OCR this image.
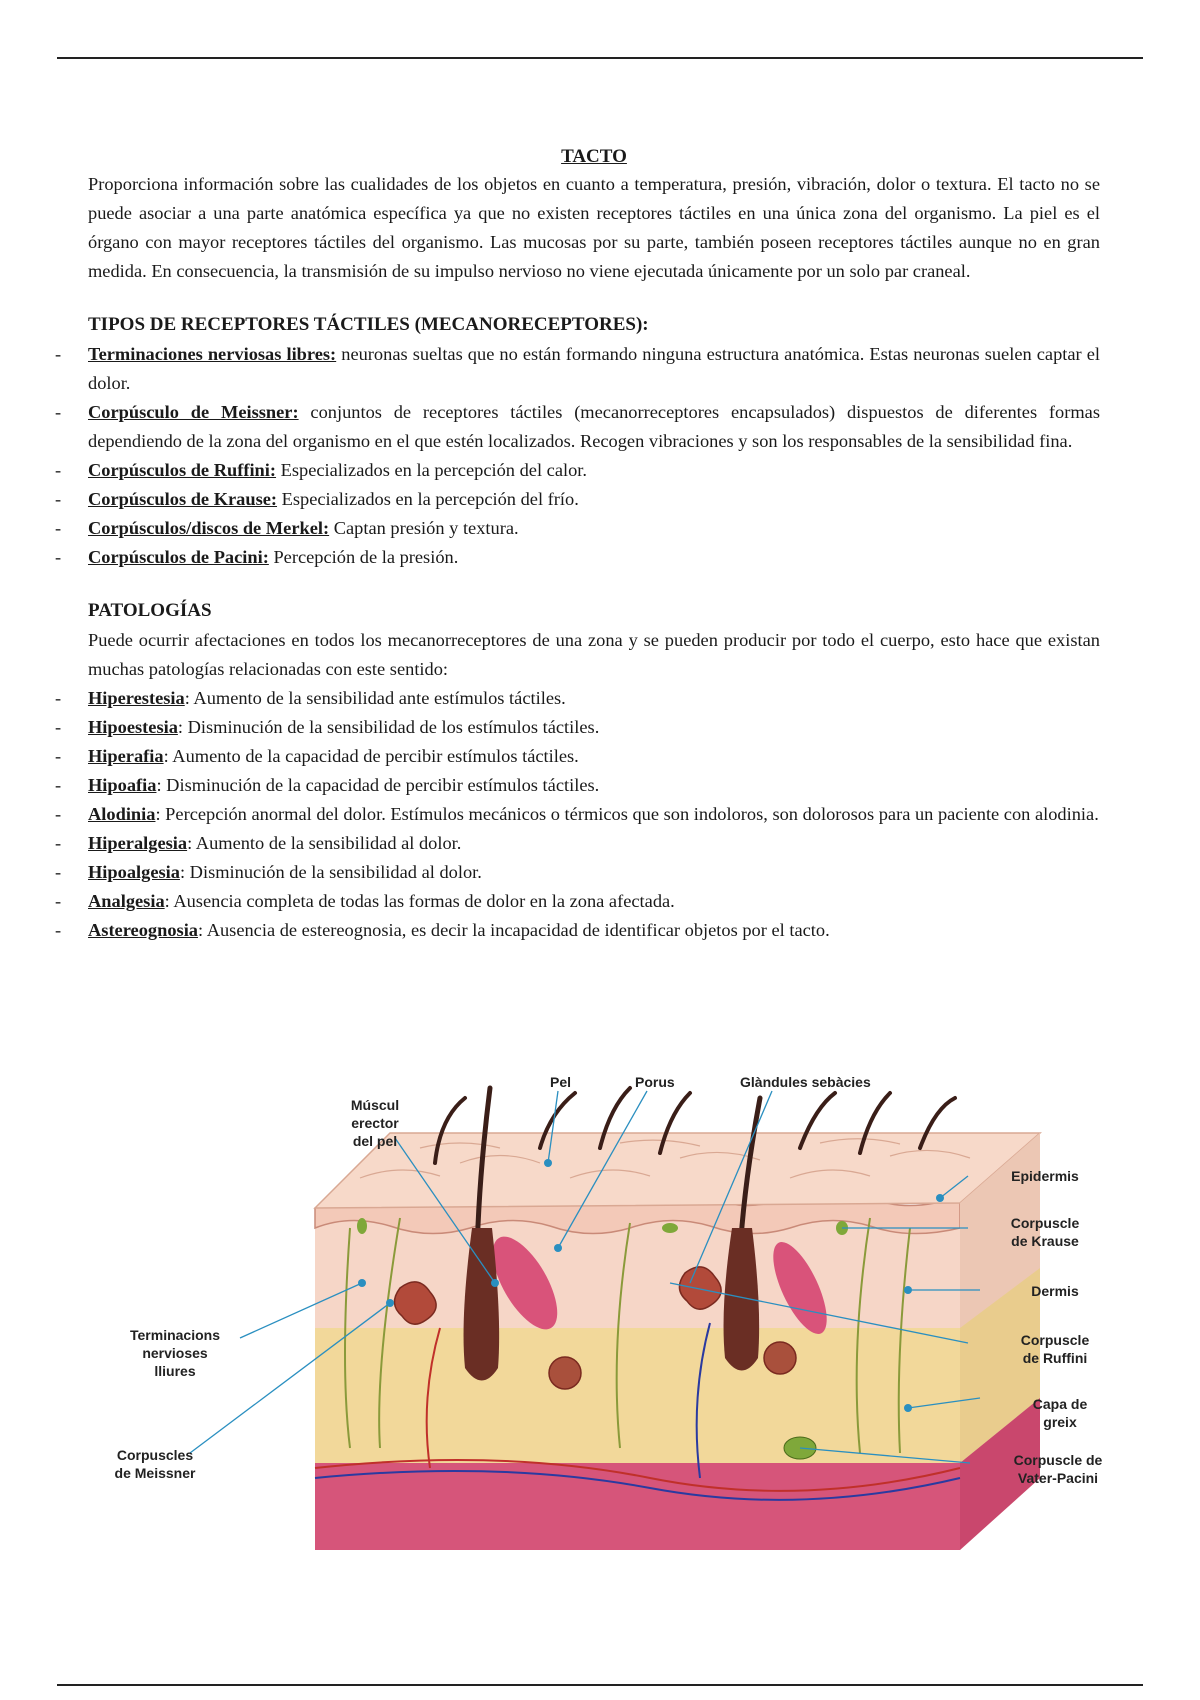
TACTO

Proporciona información sobre las cualidades de los objetos en cuanto a temperatura, presión, vibración, dolor o textura. El tacto no se puede asociar a una parte anatómica específica ya que no existen receptores táctiles en una única zona del organismo. La piel es el órgano con mayor receptores táctiles del organismo. Las mucosas por su parte, también poseen receptores táctiles aunque no en gran medida. En consecuencia, la transmisión de su impulso nervioso no viene ejecutada únicamente por un solo par craneal.

TIPOS DE RECEPTORES TÁCTILES (MECANORECEPTORES):
- Terminaciones nerviosas libres: neuronas sueltas que no están formando ninguna estructura anatómica. Estas neuronas suelen captar el dolor.
- Corpúsculo de Meissner: conjuntos de receptores táctiles (mecanorreceptores encapsulados) dispuestos de diferentes formas dependiendo de la zona del organismo en el que estén localizados. Recogen vibraciones y son los responsables de la sensibilidad fina.
- Corpúsculos de Ruffini: Especializados en la percepción del calor.
- Corpúsculos de Krause: Especializados en la percepción del frío.
- Corpúsculos/discos de Merkel: Captan presión y textura.
- Corpúsculos de Pacini: Percepción de la presión.
PATOLOGÍAS

Puede ocurrir afectaciones en todos los mecanorreceptores de una zona y se pueden producir por todo el cuerpo, esto hace que existan muchas patologías relacionadas con este sentido:

- Hiperestesia: Aumento de la sensibilidad ante estímulos táctiles.
- Hipoestesia: Disminución de la sensibilidad de los estímulos táctiles.
- Hiperafia: Aumento de la capacidad de percibir estímulos táctiles.
- Hipoafia: Disminución de la capacidad de percibir estímulos táctiles.
- Alodinia: Percepción anormal del dolor. Estímulos mecánicos o térmicos que son indoloros, son dolorosos para un paciente con alodinia.
- Hiperalgesia: Aumento de la sensibilidad al dolor.
- Hipoalgesia: Disminución de la sensibilidad al dolor.
- Analgesia: Ausencia completa de todas las formas de dolor en la zona afectada.
- Astereognosia: Ausencia de estereognosia, es decir la incapacidad de identificar objetos por el tacto.
Pel	Porus	Glàndules sebàcies
Múscul
erector
del pel
Epidermis
Corpuscle
de Krause
Dermis
Corpuscle
de Ruffini
Capa de
greix
Corpuscle de
Vater-Pacini
Terminacions
nervioses
lliures
Corpuscles
de Meissner
